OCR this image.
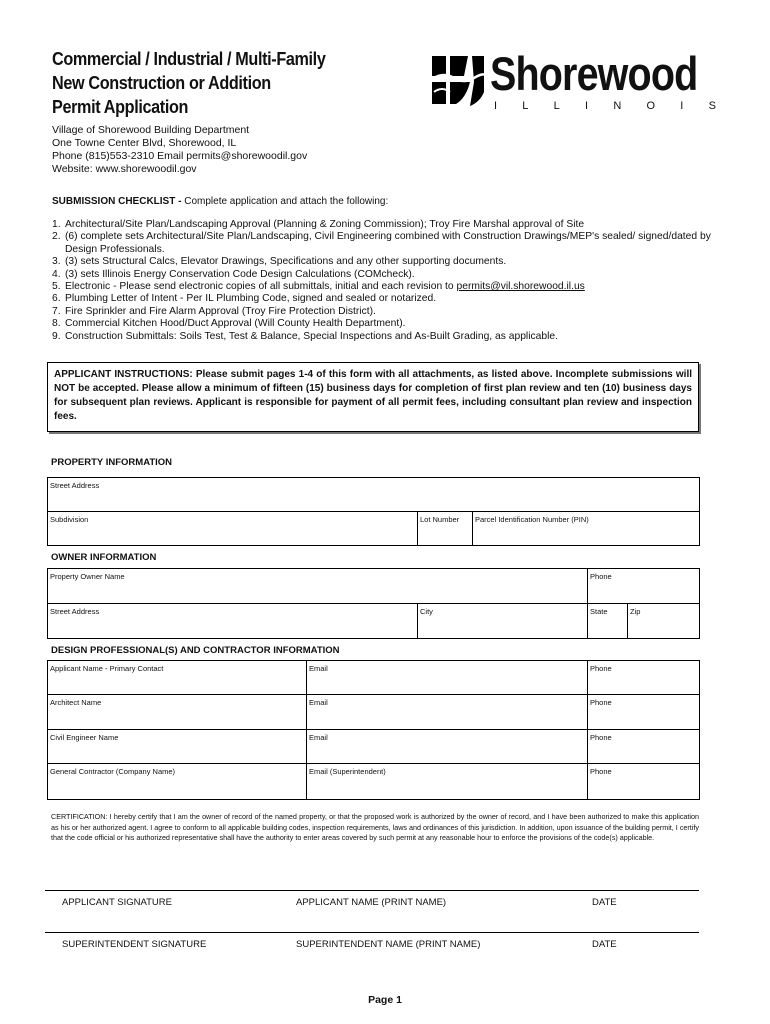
Commercial / Industrial / Multi-Family
New Construction or Addition
Permit Application
Shorewood
I L L I N O I S
Village of Shorewood Building Department
One Towne Center Blvd, Shorewood, IL
Phone (815)553-2310 Email permits@shorewoodil.gov
Website: www.shorewoodil.gov
SUBMISSION CHECKLIST - Complete application and attach the following:
1. Architectural/Site Plan/Landscaping Approval (Planning & Zoning Commission); Troy Fire Marshal approval of Site
2. (6) complete sets Architectural/Site Plan/Landscaping, Civil Engineering combined with Construction Drawings/MEP's sealed/ signed/dated by Design Professionals.
3. (3) sets Structural Calcs, Elevator Drawings, Specifications and any other supporting documents.
4. (3) sets Illinois Energy Conservation Code Design Calculations (COMcheck).
5. Electronic - Please send electronic copies of all submittals, initial and each revision to permits@vil.shorewood.il.us
6. Plumbing Letter of Intent - Per IL Plumbing Code, signed and sealed or notarized.
7. Fire Sprinkler and Fire Alarm Approval (Troy Fire Protection District).
8. Commercial Kitchen Hood/Duct Approval (Will County Health Department).
9. Construction Submittals: Soils Test, Test & Balance, Special Inspections and As-Built Grading, as applicable.

APPLICANT INSTRUCTIONS: Please submit pages 1-4 of this form with all attachments, as listed above. Incomplete submissions will NOT be accepted. Please allow a minimum of fifteen (15) business days for completion of first plan review and ten (10) business days for subsequent plan reviews. Applicant is responsible for payment of all permit fees, including consultant plan review and inspection fees.

PROPERTY INFORMATION
Street Address
Subdivision	Lot Number	Parcel Identification Number (PIN)
OWNER INFORMATION
Property Owner Name		Phone	
Street Address	City	State	Zip
DESIGN PROFESSIONAL(S) AND CONTRACTOR INFORMATION
Applicant Name - Primary Contact	Email	Phone
Architect Name	Email	Phone
Civil Engineer Name	Email	Phone
General Contractor (Company Name)	Email (Superintendent)	Phone
CERTIFICATION: I hereby certify that I am the owner of record of the named property, or that the proposed work is authorized by the owner of record, and I have been authorized to make this application as his or her authorized agent. I agree to conform to all applicable building codes, inspection requirements, laws and ordinances of this jurisdiction. In addition, upon issuance of the building permit, I certify that the code official or his authorized representative shall have the authority to enter areas covered by such permit at any reasonable hour to enforce the provisions of the code(s) applicable.
APPLICANT SIGNATURE	APPLICANT NAME (PRINT NAME)	DATE
SUPERINTENDENT SIGNATURE	SUPERINTENDENT NAME (PRINT NAME)	DATE
Page 1
